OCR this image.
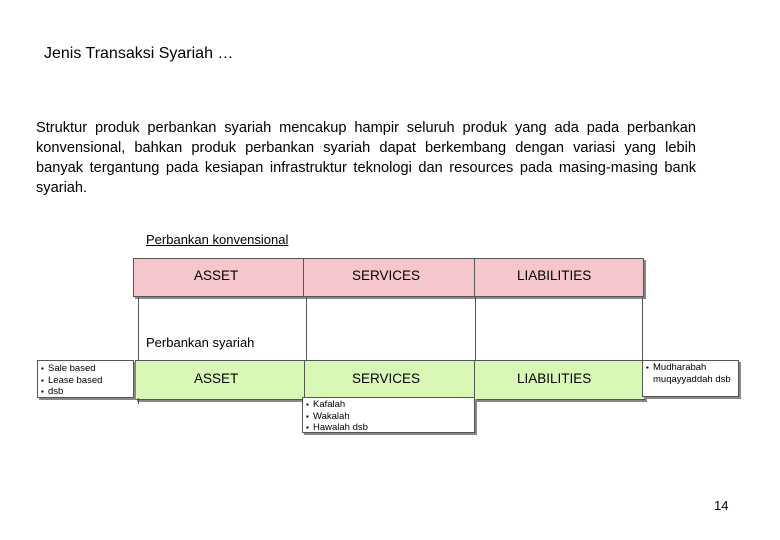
Jenis Transaksi Syariah …
Struktur produk perbankan syariah mencakup hampir seluruh produk yang ada pada perbankan konvensional, bahkan produk perbankan syariah dapat berkembang dengan variasi yang lebih banyak tergantung pada kesiapan infrastruktur teknologi dan resources pada masing-masing bank syariah.
Perbankan konvensional
ASSET	SERVICES	LIABILITIES
Perbankan syariah
ASSET	SERVICES	LIABILITIES
▪ Sale based
▪ Lease based
▪ dsb
▪ Kafalah
▪ Wakalah
▪ Hawalah dsb
▪ Mudharabah muqayyaddah dsb
14
